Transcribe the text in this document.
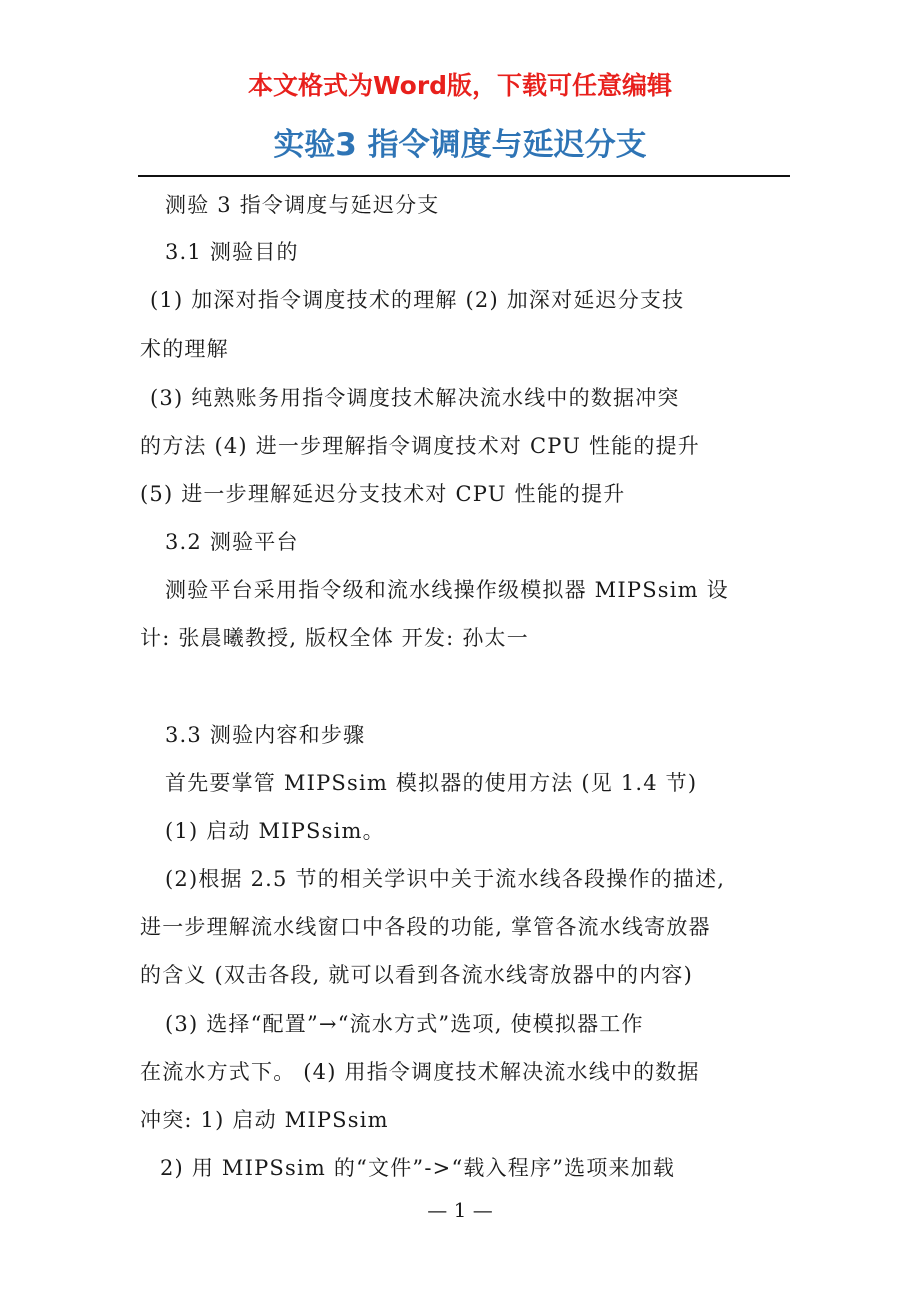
本文格式为Word版，下载可任意编辑
实验3 指令调度与延迟分支
测验 3 指令调度与延迟分支
3.1 测验目的
(1) 加深对指令调度技术的理解 (2) 加深对延迟分支技
术的理解
(3) 纯熟账务用指令调度技术解决流水线中的数据冲突
的方法 (4) 进一步理解指令调度技术对 CPU 性能的提升
(5) 进一步理解延迟分支技术对 CPU 性能的提升
3.2 测验平台
测验平台采用指令级和流水线操作级模拟器 MIPSsim 设
计: 张晨曦教授, 版权全体 开发: 孙太一
3.3 测验内容和步骤
首先要掌管 MIPSsim 模拟器的使用方法 (见 1.4 节)
(1) 启动 MIPSsim。
(2)根据 2.5 节的相关学识中关于流水线各段操作的描述,
进一步理解流水线窗口中各段的功能, 掌管各流水线寄放器
的含义 (双击各段, 就可以看到各流水线寄放器中的内容)
(3) 选择“配置”→“流水方式”选项, 使模拟器工作
在流水方式下。 (4) 用指令调度技术解决流水线中的数据
冲突: 1) 启动 MIPSsim
2) 用 MIPSsim 的“文件”->“载入程序”选项来加载
— 1 —
